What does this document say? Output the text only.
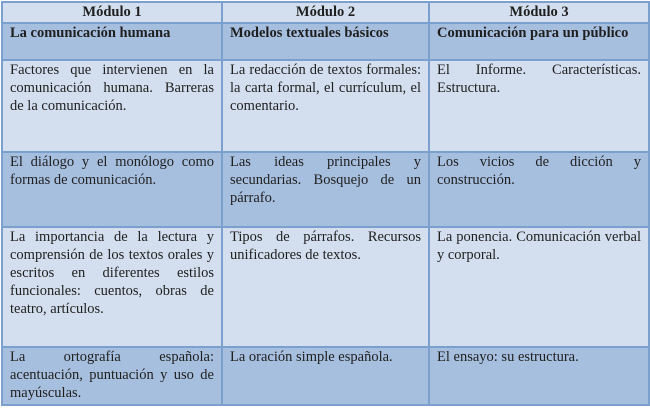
Módulo 1	Módulo 2	Módulo 3
La comunicación humana	Modelos textuales básicos	Comunicación para un público
Factores que intervienen en la comunicación humana. Barreras de la comunicación.	La redacción de textos formales: la carta formal, el currículum, el comentario.	El Informe. Características. Estructura.
El diálogo y el monólogo como formas de comunicación.	Las ideas principales y secundarias. Bosquejo de un párrafo.	Los vicios de dicción y construcción.
La importancia de la lectura y comprensión de los textos orales y escritos en diferentes estilos funcionales: cuentos, obras de teatro, artículos.	Tipos de párrafos. Recursos unificadores de textos.	La ponencia. Comunicación verbal y corporal.
La ortografía española: acentuación, puntuación y uso de mayúsculas.	La oración simple española.	El ensayo: su estructura.
